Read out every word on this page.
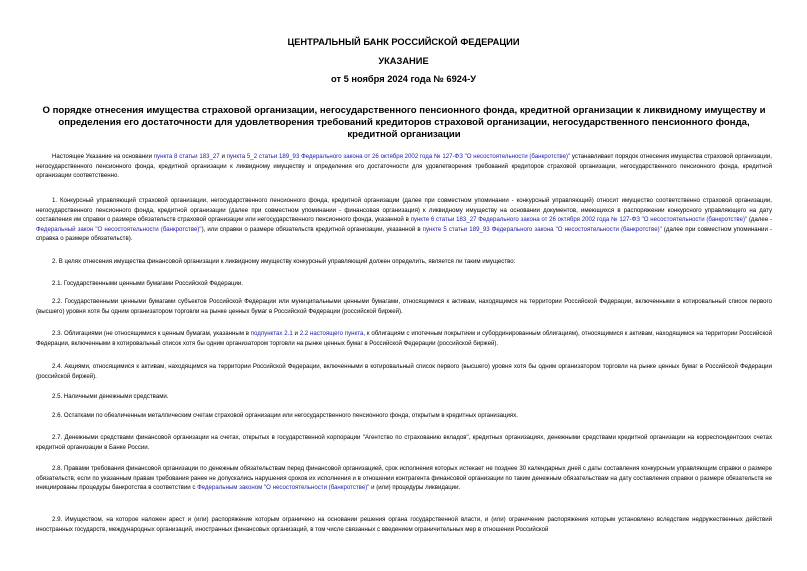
ЦЕНТРАЛЬНЫЙ БАНК РОССИЙСКОЙ ФЕДЕРАЦИИ
УКАЗАНИЕ
от 5 ноября 2024 года № 6924-У
О порядке отнесения имущества страховой организации, негосударственного пенсионного фонда, кредитной организации к ликвидному имуществу и определения его достаточности для удовлетворения требований кредиторов страховой организации, негосударственного пенсионного фонда, кредитной организации
Настоящее Указание на основании пункта 8 статьи 183_27 и пункта 5_2 статьи 189_93 Федерального закона от 26 октября 2002 года № 127-ФЗ "О несостоятельности (банкротстве)" устанавливает порядок отнесения имущества страховой организации, негосударственного пенсионного фонда, кредитной организации к ликвидному имуществу и определения его достаточности для удовлетворения требований кредиторов страховой организации, негосударственного пенсионного фонда, кредитной организации соответственно.
1. Конкурсный управляющий страховой организации, негосударственного пенсионного фонда, кредитной организации (далее при совместном упоминании - конкурсный управляющий) относит имущество соответственно страховой организации, негосударственного пенсионного фонда, кредитной организации (далее при совместном упоминании - финансовая организация) к ликвидному имуществу на основании документов, имеющихся в распоряжении конкурсного управляющего на дату составления им справки о размере обязательств страховой организации или негосударственного пенсионного фонда, указанной в пункте 6 статьи 183_27 Федерального закона от 26 октября 2002 года № 127-ФЗ "О несостоятельности (банкротстве)" (далее - Федеральный закон "О несостоятельности (банкротстве)"), или справки о размере обязательств кредитной организации, указанной в пункте 5 статьи 189_93 Федерального закона "О несостоятельности (банкротстве)" (далее при совместном упоминании - справка о размере обязательств).
2. В целях отнесения имущества финансовой организации к ликвидному имуществу конкурсный управляющий должен определить, является ли таким имущество:
2.1. Государственными ценными бумагами Российской Федерации.
2.2. Государственными ценными бумагами субъектов Российской Федерации или муниципальными ценными бумагами, относящимися к активам, находящимся на территории Российской Федерации, включенными в котировальный список первого (высшего) уровня хотя бы одним организатором торговли на рынке ценных бумаг в Российской Федерации (российской биржей).
2.3. Облигациями (не относящимися к ценным бумагам, указанным в подпунктах 2.1 и 2.2 настоящего пункта, к облигациям с ипотечным покрытием и субординированным облигациям), относящимися к активам, находящимся на территории Российской Федерации, включенными в котировальный список хотя бы одним организатором торговли на рынке ценных бумаг в Российской Федерации (российской биржей).
2.4. Акциями, относящимися к активам, находящимся на территории Российской Федерации, включенными в котировальный список первого (высшего) уровня хотя бы одним организатором торговли на рынке ценных бумаг в Российской Федерации (российской биржей).
2.5. Наличными денежными средствами.
2.6. Остатками по обезличенным металлическим счетам страховой организации или негосударственного пенсионного фонда, открытым в кредитных организациях.
2.7. Денежными средствами финансовой организации на счетах, открытых в государственной корпорации "Агентство по страхованию вкладов", кредитных организациях, денежными средствами кредитной организации на корреспондентских счетах кредитной организации в Банке России.
2.8. Правами требования финансовой организации по денежным обязательствам перед финансовой организацией, срок исполнения которых истекает не позднее 30 календарных дней с даты составления конкурсным управляющим справки о размере обязательств, если по указанным правам требования ранее не допускались нарушения сроков их исполнения и в отношении контрагента финансовой организации по таким денежным обязательствам на дату составления справки о размере обязательств не инициированы процедуры банкротства в соответствии с Федеральным законом "О несостоятельности (банкротстве)" и (или) процедуры ликвидации.
2.9. Имуществом, на которое наложен арест и (или) распоряжение которым ограничено на основании решения органа государственной власти, и (или) ограничение распоряжения которым установлено вследствие недружественных действий иностранных государств, международных организаций, иностранных финансовых организаций, в том числе связанных с введением ограничительных мер в отношении Российской
